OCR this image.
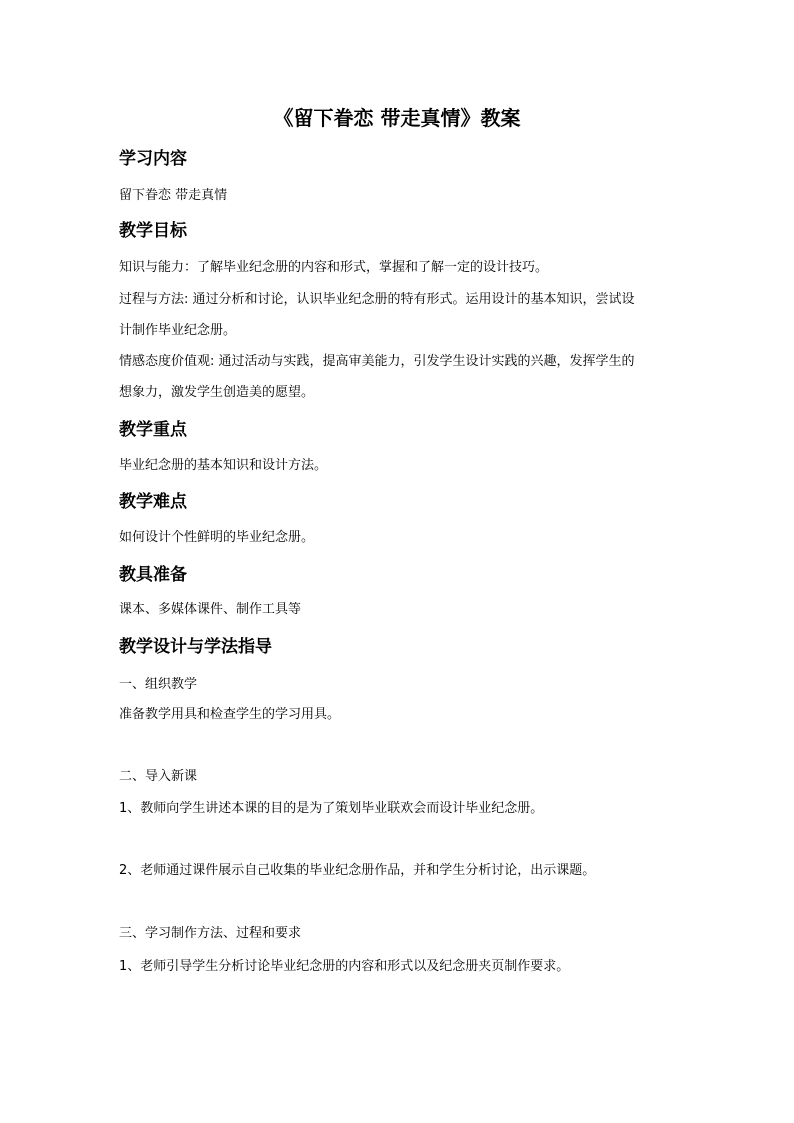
《留下眷恋 带走真情》教案
学习内容
留下眷恋 带走真情
教学目标
知识与能力：了解毕业纪念册的内容和形式，掌握和了解一定的设计技巧。
过程与方法: 通过分析和讨论，认识毕业纪念册的特有形式。运用设计的基本知识，尝试设
计制作毕业纪念册。
情感态度价值观: 通过活动与实践，提高审美能力，引发学生设计实践的兴趣，发挥学生的
想象力，激发学生创造美的愿望。
教学重点
毕业纪念册的基本知识和设计方法。
教学难点
如何设计个性鲜明的毕业纪念册。
教具准备
课本、多媒体课件、制作工具等
教学设计与学法指导
一、组织教学
准备教学用具和检查学生的学习用具。
二、导入新课
1、教师向学生讲述本课的目的是为了策划毕业联欢会而设计毕业纪念册。
2、老师通过课件展示自己收集的毕业纪念册作品，并和学生分析讨论，出示课题。
三、学习制作方法、过程和要求
1、老师引导学生分析讨论毕业纪念册的内容和形式以及纪念册夹页制作要求。
